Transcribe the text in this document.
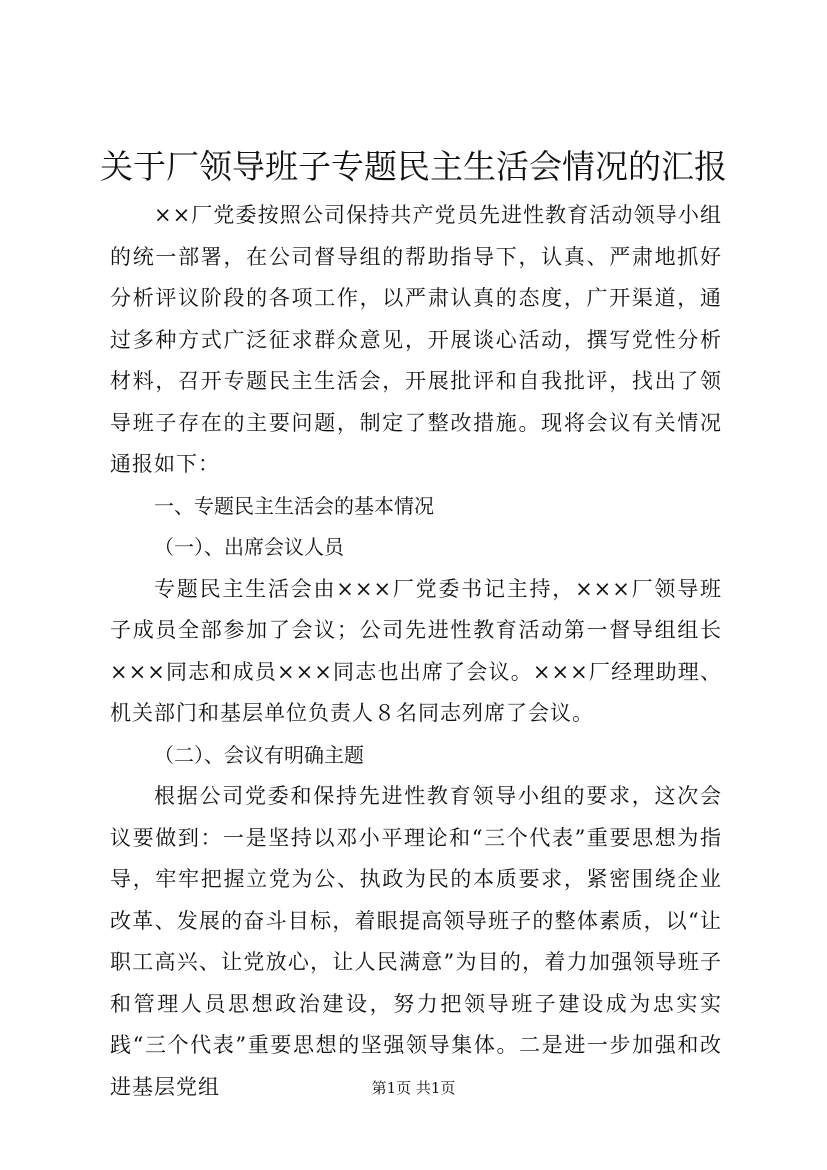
关于厂领导班子专题民主生活会情况的汇报

××厂党委按照公司保持共产党员先进性教育活动领导小组的统一部署，在公司督导组的帮助指导下，认真、严肃地抓好分析评议阶段的各项工作，以严肃认真的态度，广开渠道，通过多种方式广泛征求群众意见，开展谈心活动，撰写党性分析材料，召开专题民主生活会，开展批评和自我批评，找出了领导班子存在的主要问题，制定了整改措施。现将会议有关情况通报如下：

一、专题民主生活会的基本情况

（一）、出席会议人员

专题民主生活会由×××厂党委书记主持，×××厂领导班子成员全部参加了会议；公司先进性教育活动第一督导组组长×××同志和成员×××同志也出席了会议。×××厂经理助理、机关部门和基层单位负责人８名同志列席了会议。

（二）、会议有明确主题

根据公司党委和保持先进性教育领导小组的要求，这次会议要做到：一是坚持以邓小平理论和“三个代表”重要思想为指导，牢牢把握立党为公、执政为民的本质要求，紧密围绕企业改革、发展的奋斗目标，着眼提高领导班子的整体素质，以“让职工高兴、让党放心，让人民满意”为目的，着力加强领导班子和管理人员思想政治建设，努力把领导班子建设成为忠实实践“三个代表”重要思想的坚强领导集体。二是进一步加强和改进基层党组	第1页 共1页
